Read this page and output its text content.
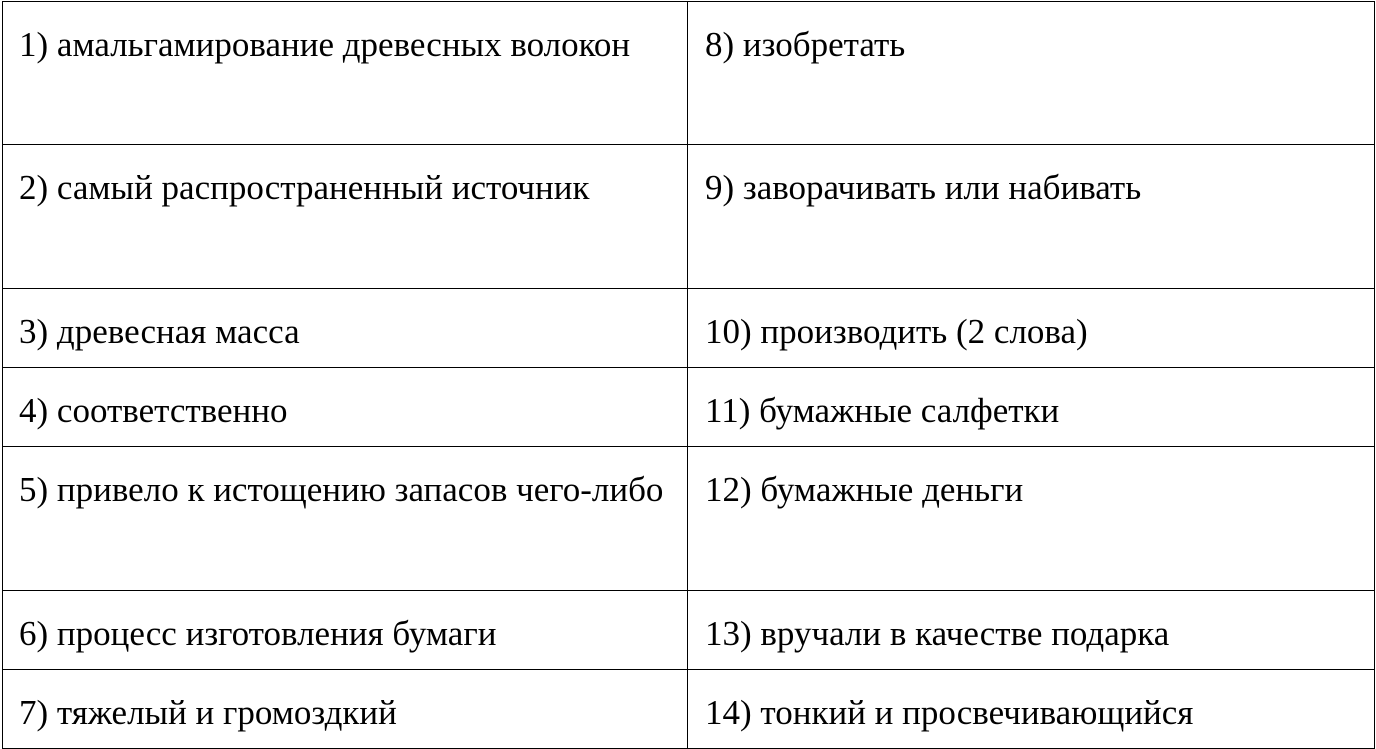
1) амальгамирование древесных волокон	8) изобретать

2) самый распространенный источник	9) заворачивать или набивать

3) древесная масса	10) производить (2 слова)

4) соответственно	11) бумажные салфетки

5) привело к истощению запасов чего-либо	12) бумажные деньги

6) процесс изготовления бумаги	13) вручали в качестве подарка

7) тяжелый и громоздкий	14) тонкий и просвечивающийся
